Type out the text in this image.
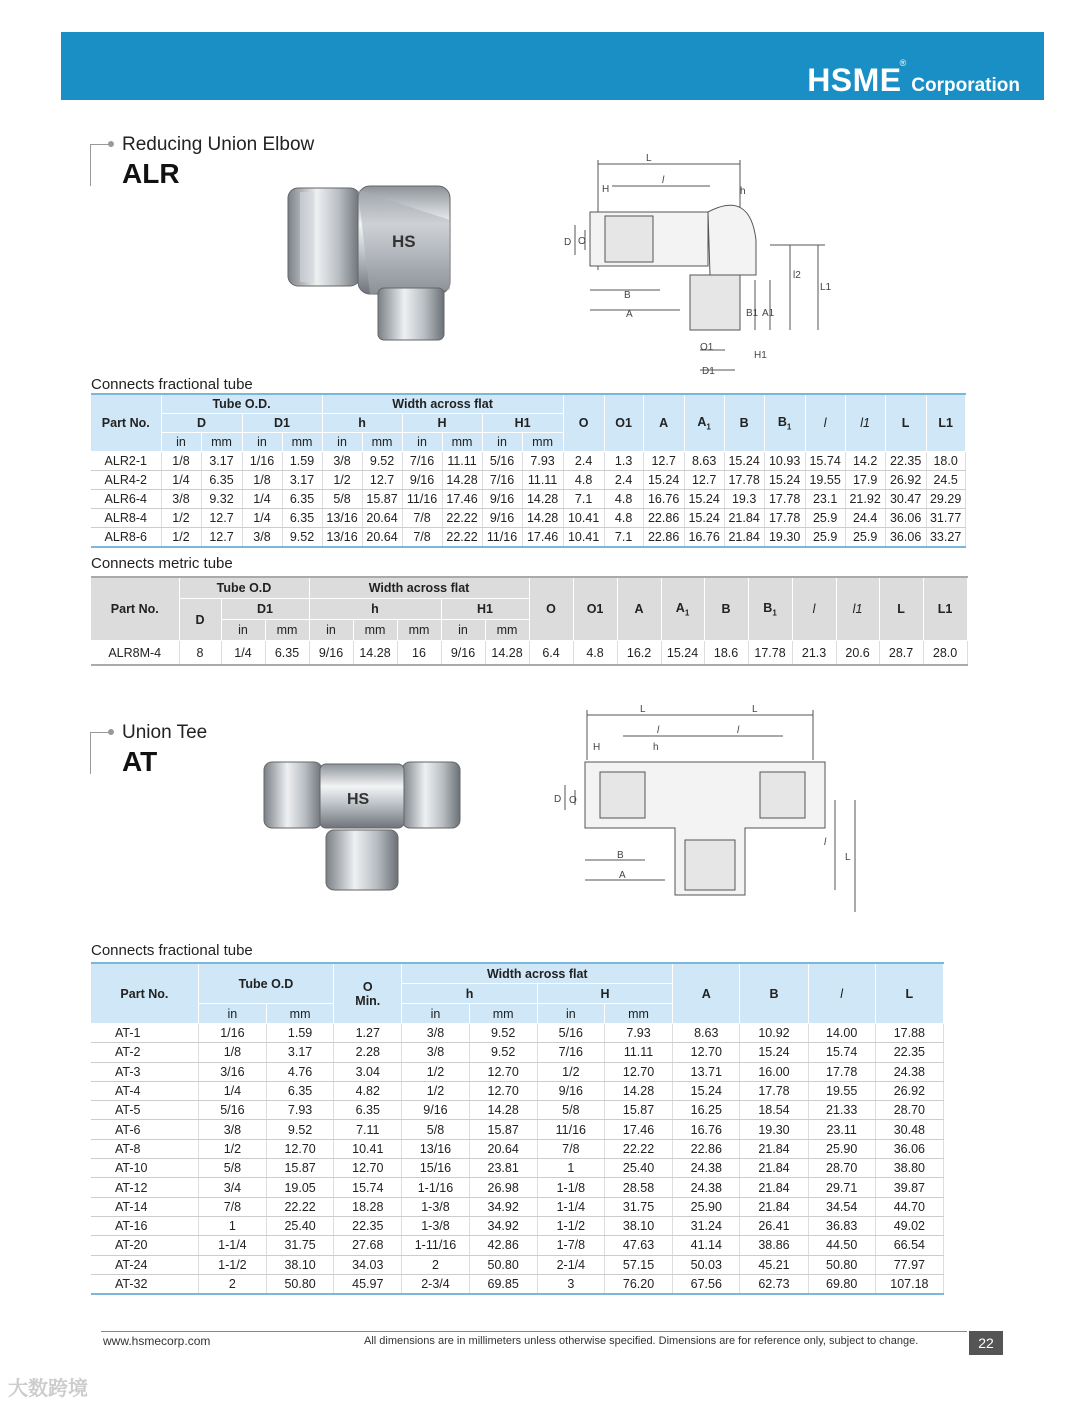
HSME®Corporation
Reducing Union Elbow
ALR
HS
L
l
H	h
D O
B
A
l2
L1
B1 A1
O1
H1
D1
Connects fractional tube
Part No.	Tube O.D.				Width across flat						O	O1	A	$A_1$	B	$B_1$	l	l1	L	L1
	D		D1		h		H		H1											
	in	mm	in	mm	in	mm	in	mm	in	mm										
ALR2-1	1/8	3.17	1/16	1.59	3/8	9.52	7/16	11.11	5/16	7.93	2.4	1.3	12.7	8.63	15.24	10.93	15.74	14.2	22.35	18.0
ALR4-2	1/4	6.35	1/8	3.17	1/2	12.7	9/16	14.28	7/16	11.11	4.8	2.4	15.24	12.7	17.78	15.24	19.55	17.9	26.92	24.5
ALR6-4	3/8	9.32	1/4	6.35	5/8	15.87	11/16	17.46	9/16	14.28	7.1	4.8	16.76	15.24	19.3	17.78	23.1	21.92	30.47	29.29
ALR8-4	1/2	12.7	1/4	6.35	13/16	20.64	7/8	22.22	9/16	14.28	10.41	4.8	22.86	15.24	21.84	17.78	25.9	24.4	36.06	31.77
ALR8-6	1/2	12.7	3/8	9.52	13/16	20.64	7/8	22.22	11/16	17.46	10.41	7.1	22.86	16.76	21.84	19.30	25.9	25.9	36.06	33.27
Connects metric tube
Part No.	Tube O.D			Width across flat					O	O1	A	$A_1$	B	$B_1$	l	l1	L	L1
	D	D1		h			H1											
		in	mm	in	mm	mm	in	mm										
ALR8M-4	8	1/4	6.35	9/16	14.28	16	9/16	14.28	6.4	4.8	16.2	15.24	18.6	17.78	21.3	20.6	28.7	28.0
Union Tee
AT
HS
L	L
l	l
H	h
D O
B
A
l
L
Connects fractional tube
Part No.	Tube O.D		O
Min.	Width across flat				A	B	l	L
				h		H					
	in	mm		in	mm	in	mm				
AT-1	1/16	1.59	1.27	3/8	9.52	5/16	7.93	8.63	10.92	14.00	17.88
AT-2	1/8	3.17	2.28	3/8	9.52	7/16	11.11	12.70	15.24	15.74	22.35
AT-3	3/16	4.76	3.04	1/2	12.70	1/2	12.70	13.71	16.00	17.78	24.38
AT-4	1/4	6.35	4.82	1/2	12.70	9/16	14.28	15.24	17.78	19.55	26.92
AT-5	5/16	7.93	6.35	9/16	14.28	5/8	15.87	16.25	18.54	21.33	28.70
AT-6	3/8	9.52	7.11	5/8	15.87	11/16	17.46	16.76	19.30	23.11	30.48
AT-8	1/2	12.70	10.41	13/16	20.64	7/8	22.22	22.86	21.84	25.90	36.06
AT-10	5/8	15.87	12.70	15/16	23.81	1	25.40	24.38	21.84	28.70	38.80
AT-12	3/4	19.05	15.74	1-1/16	26.98	1-1/8	28.58	24.38	21.84	29.71	39.87
AT-14	7/8	22.22	18.28	1-3/8	34.92	1-1/4	31.75	25.90	21.84	34.54	44.70
AT-16	1	25.40	22.35	1-3/8	34.92	1-1/2	38.10	31.24	26.41	36.83	49.02
AT-20	1-1/4	31.75	27.68	1-11/16	42.86	1-7/8	47.63	41.14	38.86	44.50	66.54
AT-24	1-1/2	38.10	34.03	2	50.80	2-1/4	57.15	50.03	45.21	50.80	77.97
AT-32	2	50.80	45.97	2-3/4	69.85	3	76.20	67.56	62.73	69.80	107.18
www.hsmecorp.com	All dimensions are in millimeters unless otherwise specified. Dimensions are for reference only, subject to change.	22
大数跨境
